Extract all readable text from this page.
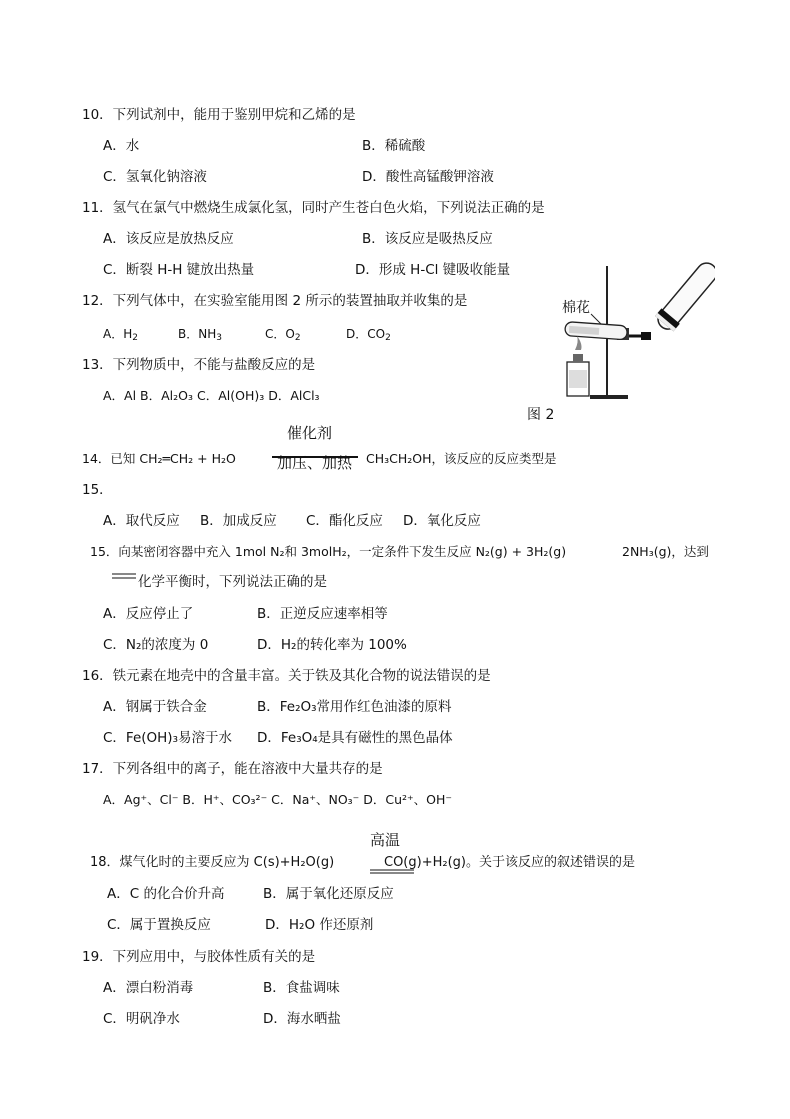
10．下列试剂中，能用于鉴别甲烷和乙烯的是
A．水	B．稀硫酸
C．氢氧化钠溶液	D．酸性高锰酸钾溶液
11．氢气在氯气中燃烧生成氯化氢，同时产生苍白色火焰，下列说法正确的是
A．该反应是放热反应	B．该反应是吸热反应
C．断裂 H-H 键放出热量	D．形成 H-Cl 键吸收能量
12．下列气体中，在实验室能用图 2 所示的装置抽取并收集的是
A．$H_2$	B．$NH_3$	C．$O_2$	D．$CO_2$
棉花
图 2
13．下列物质中，不能与盐酸反应的是
A．Al B．Al₂O₃ C．Al(OH)₃ D．AlCl₃
催化剂
14．已知 CH₂═CH₂ + H₂O	加压、加热 CH₃CH₂OH，该反应的反应类型是
15．
A．取代反应 B．加成反应 C．酯化反应 D．氧化反应
15．向某密闭容器中充入 1mol N₂和 3molH₂，一定条件下发生反应 N₂(g) + 3H₂(g)	2NH₃(g)，达到
化学平衡时，下列说法正确的是
A．反应停止了	B．正逆反应速率相等
C．N₂的浓度为 0	D．H₂的转化率为 100%
16．铁元素在地壳中的含量丰富。关于铁及其化合物的说法错误的是
A．钢属于铁合金	B．Fe₂O₃常用作红色油漆的原料
C．Fe(OH)₃易溶于水 D．Fe₃O₄是具有磁性的黑色晶体
17．下列各组中的离子，能在溶液中大量共存的是
A．Ag⁺、Cl⁻ B．H⁺、CO₃²⁻ C．Na⁺、NO₃⁻ D．Cu²⁺、OH⁻
高温
18．煤气化时的主要反应为 C(s)+H₂O(g)	CO(g)+H₂(g)。关于该反应的叙述错误的是
A．C 的化合价升高	B．属于氧化还原反应
C．属于置换反应	D．H₂O 作还原剂
19．下列应用中，与胶体性质有关的是
A．漂白粉消毒	B．食盐调味
C．明矾净水	D．海水晒盐
